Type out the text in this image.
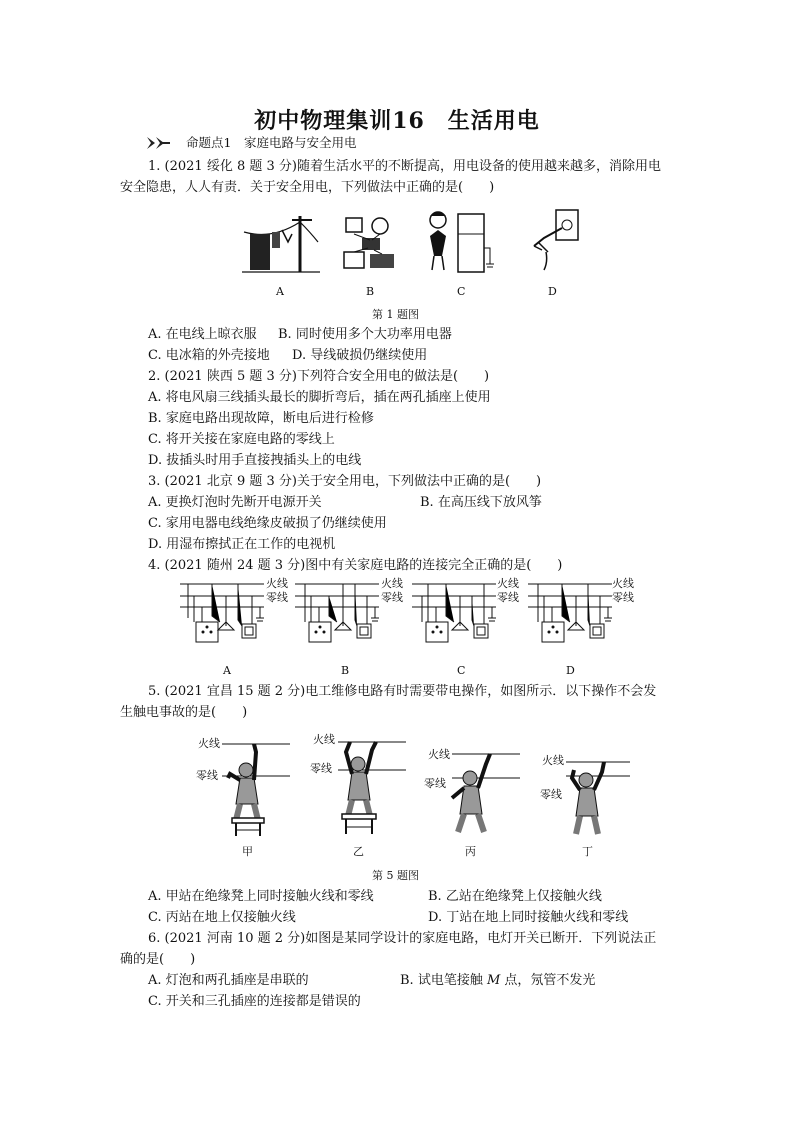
初中物理集训16　生活用电
命题点1　家庭电路与安全用电
1. (2021 绥化 8 题 3 分)随着生活水平的不断提高，用电设备的使用越来越多，消除用电
安全隐患，人人有责．关于安全用电，下列做法中正确的是(　　)
A	B	C	D
第 1 题图
A. 在电线上晾衣服 B. 同时使用多个大功率用电器
C. 电冰箱的外壳接地 D. 导线破损仍继续使用
2. (2021 陕西 5 题 3 分)下列符合安全用电的做法是(　　)
A. 将电风扇三线插头最长的脚折弯后，插在两孔插座上使用
B. 家庭电路出现故障，断电后进行检修
C. 将开关接在家庭电路的零线上
D. 拔插头时用手直接拽插头上的电线
3. (2021 北京 9 题 3 分)关于安全用电，下列做法中正确的是(　　)
A. 更换灯泡时先断开电源开关	B. 在高压线下放风筝
C. 家用电器电线绝缘皮破损了仍继续使用
D. 用湿布擦拭正在工作的电视机
4. (2021 随州 24 题 3 分)图中有关家庭电路的连接完全正确的是(　　)
火线
零线
火线
零线
火线
零线
火线
零线
A	B	C	D
5. (2021 宜昌 15 题 2 分)电工维修电路有时需要带电操作，如图所示．以下操作不会发
生触电事故的是(　　)
火线
零线
火线
零线
火线
零线
火线
零线
甲	乙	丙	丁
第 5 题图
A. 甲站在绝缘凳上同时接触火线和零线	B. 乙站在绝缘凳上仅接触火线
C. 丙站在地上仅接触火线	D. 丁站在地上同时接触火线和零线
6. (2021 河南 10 题 2 分)如图是某同学设计的家庭电路，电灯开关已断开．下列说法正
确的是(　　)
A. 灯泡和两孔插座是串联的	B. 试电笔接触 M 点，氖管不发光
C. 开关和三孔插座的连接都是错误的
